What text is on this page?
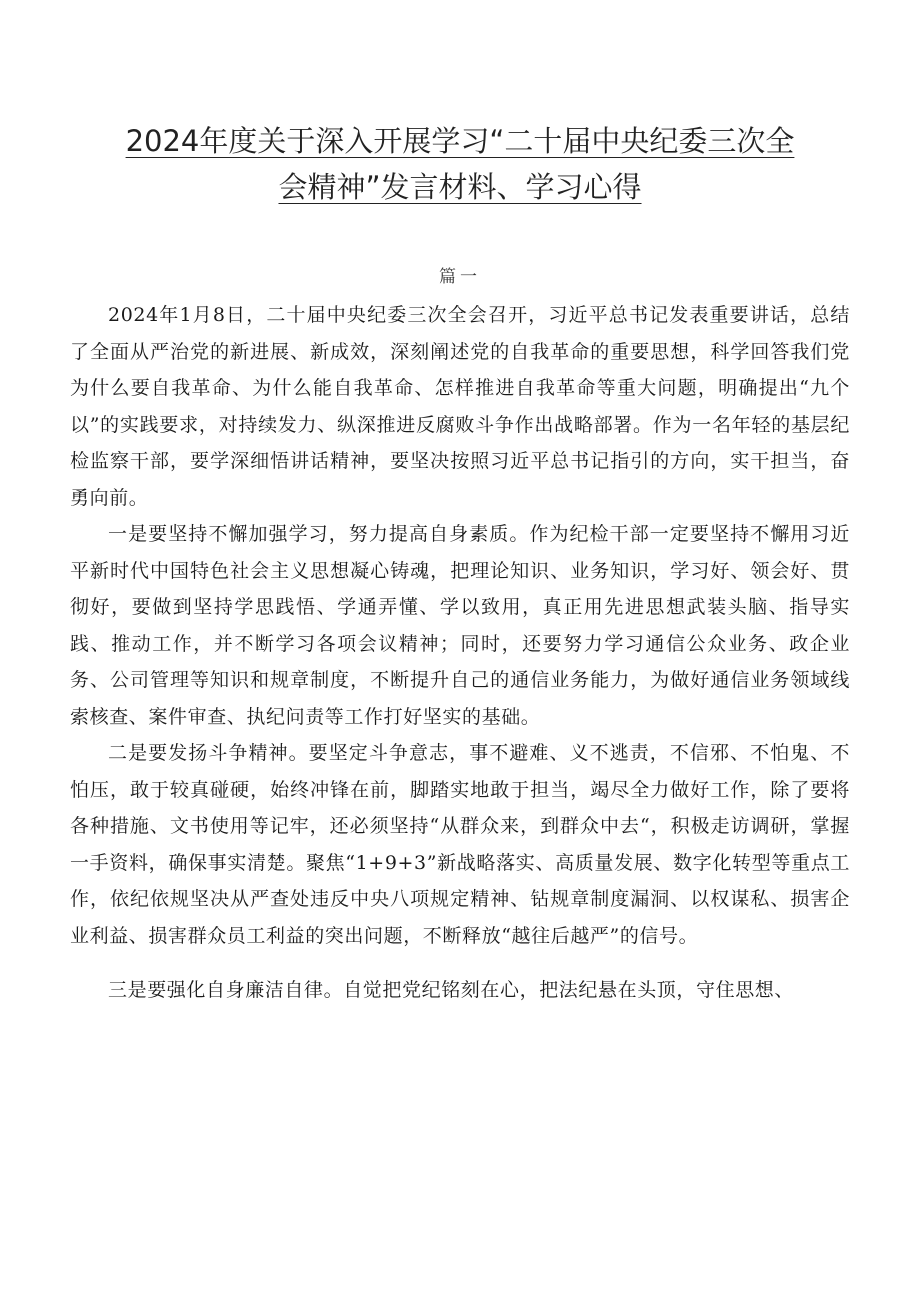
2024年度关于深入开展学习“二十届中央纪委三次全
会精神”发言材料、学习心得
篇一

2024年1月8日，二十届中央纪委三次全会召开，习近平总书记发表重要讲话，总结了全面从严治党的新进展、新成效，深刻阐述党的自我革命的重要思想，科学回答我们党为什么要自我革命、为什么能自我革命、怎样推进自我革命等重大问题，明确提出“九个以”的实践要求，对持续发力、纵深推进反腐败斗争作出战略部署。作为一名年轻的基层纪检监察干部，要学深细悟讲话精神，要坚决按照习近平总书记指引的方向，实干担当，奋勇向前。

一是要坚持不懈加强学习，努力提高自身素质。作为纪检干部一定要坚持不懈用习近平新时代中国特色社会主义思想凝心铸魂，把理论知识、业务知识，学习好、领会好、贯彻好，要做到坚持学思践悟、学通弄懂、学以致用，真正用先进思想武装头脑、指导实践、推动工作，并不断学习各项会议精神；同时，还要努力学习通信公众业务、政企业务、公司管理等知识和规章制度，不断提升自己的通信业务能力，为做好通信业务领域线索核查、案件审查、执纪问责等工作打好坚实的基础。

二是要发扬斗争精神。要坚定斗争意志，事不避难、义不逃责，不信邪、不怕鬼、不怕压，敢于较真碰硬，始终冲锋在前，脚踏实地敢于担当，竭尽全力做好工作，除了要将各种措施、文书使用等记牢，还必须坚持“从群众来，到群众中去“，积极走访调研，掌握一手资料，确保事实清楚。聚焦“1+9+3”新战略落实、高质量发展、数字化转型等重点工作，依纪依规坚决从严查处违反中央八项规定精神、钻规章制度漏洞、以权谋私、损害企业利益、损害群众员工利益的突出问题，不断释放“越往后越严”的信号。

三是要强化自身廉洁自律。自觉把党纪铭刻在心，把法纪悬在头顶，守住思想、
